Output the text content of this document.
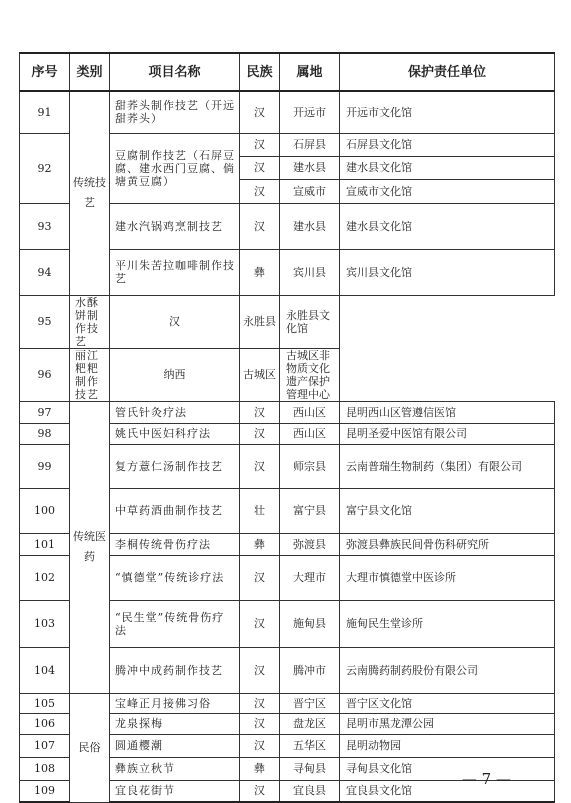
序号	类别	项目名称	民族	属地	保护责任单位
91	传统技艺	甜荞头制作技艺（开远甜荞头）	汉	开远市	开远市文化馆
92		豆腐制作技艺（石屏豆腐、建水西门豆腐、倘塘黄豆腐）	汉	石屏县	石屏县文化馆
			汉	建水县	建水县文化馆
			汉	宣威市	宣威市文化馆
93		建水汽锅鸡烹制技艺	汉	建水县	建水县文化馆
94		平川朱苦拉咖啡制作技艺	彝	宾川县	宾川县文化馆
95	水酥饼制作技艺	汉	永胜县	永胜县文化馆	
96	丽江粑粑制作技艺	纳西	古城区	古城区非物质文化遗产保护管理中心	
97	传统医药	管氏针灸疗法	汉	西山区	昆明西山区管遵信医馆
98		姚氏中医妇科疗法	汉	西山区	昆明圣爱中医馆有限公司
99		复方薏仁汤制作技艺	汉	师宗县	云南普瑞生物制药（集团）有限公司
100		中草药酒曲制作技艺	壮	富宁县	富宁县文化馆
101		李桐传统骨伤疗法	彝	弥渡县	弥渡县彝族民间骨伤科研究所
102		“慎德堂”传统诊疗法	汉	大理市	大理市慎德堂中医诊所
103		“民生堂”传统骨伤疗法	汉	施甸县	施甸民生堂诊所
104		腾冲中成药制作技艺	汉	腾冲市	云南腾药制药股份有限公司
105	民俗	宝峰正月接佛习俗	汉	晋宁区	晋宁区文化馆
106		龙泉探梅	汉	盘龙区	昆明市黑龙潭公园
107		圆通樱潮	汉	五华区	昆明动物园
108		彝族立秋节	彝	寻甸县	寻甸县文化馆
109		宜良花街节	汉	宜良县	宜良县文化馆
— 7 —
